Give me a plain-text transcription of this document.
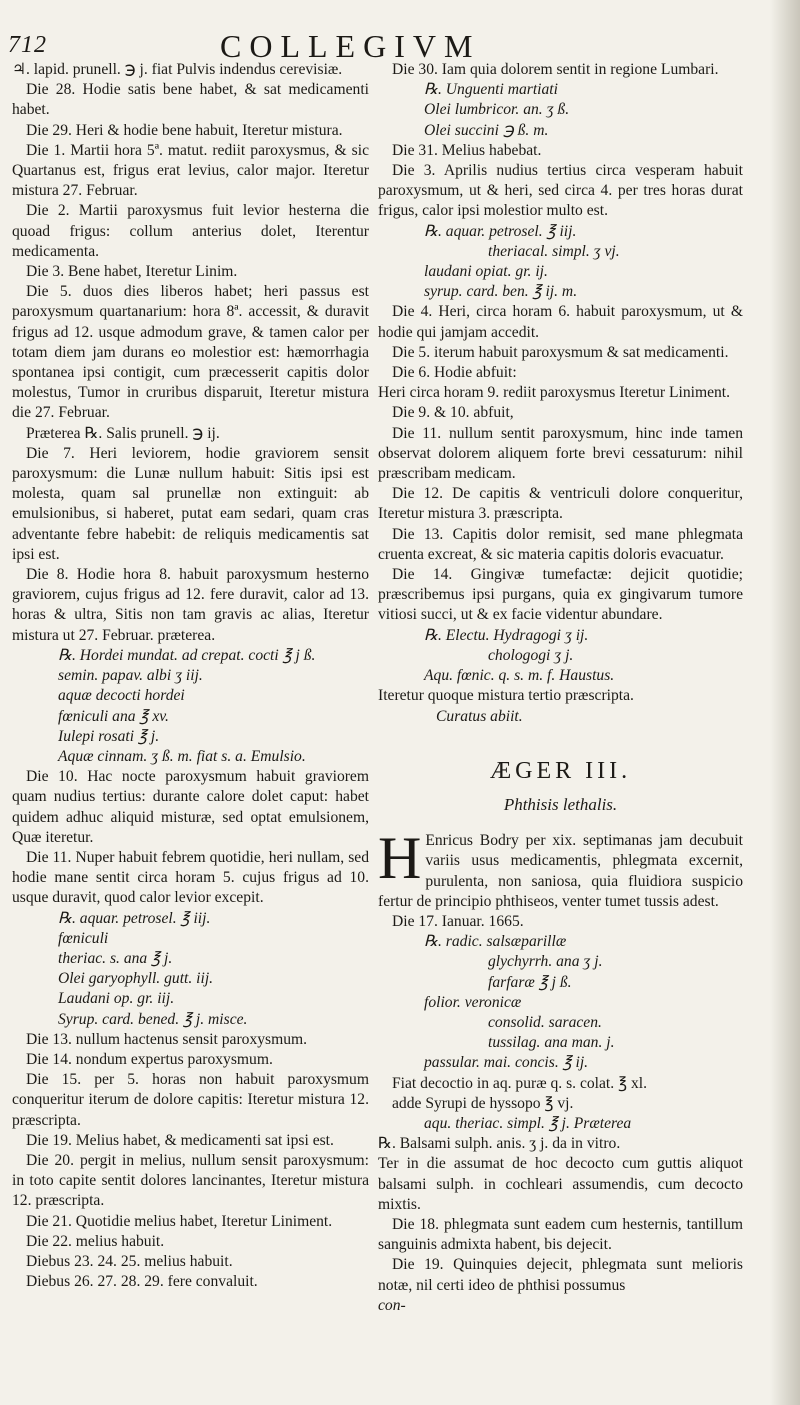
712	COLLEGIVM

♃. lapid. prunell. ℈ j. fiat Pulvis indendus cerevisiæ.

Die 28. Hodie satis bene habet, & sat medicamenti habet.

Die 29. Heri & hodie bene habuit, Iteretur mistura.

Die 1. Martii hora 5ª. matut. rediit paroxysmus, & sic Quartanus est, frigus erat levius, calor major. Iteretur mistura 27. Februar.

Die 2. Martii paroxysmus fuit levior hesterna die quoad frigus: collum anterius dolet, Iterentur medicamenta.

Die 3. Bene habet, Iteretur Linim.

Die 5. duos dies liberos habet; heri passus est paroxysmum quartanarium: hora 8ª. accessit, & duravit frigus ad 12. usque admodum grave, & tamen calor per totam diem jam durans eo molestior est: hæmorrhagia spontanea ipsi contigit, cum præcesserit capitis dolor molestus, Tumor in cruribus disparuit, Iteretur mistura die 27. Februar.

Præterea ℞. Salis prunell. ℈ ij.

Die 7. Heri leviorem, hodie graviorem sensit paroxysmum: die Lunæ nullum habuit: Sitis ipsi est molesta, quam sal prunellæ non extinguit: ab emulsionibus, si haberet, putat eam sedari, quam cras adventante febre habebit: de reliquis medicamentis sat ipsi est.

Die 8. Hodie hora 8. habuit paroxysmum hesterno graviorem, cujus frigus ad 12. fere duravit, calor ad 13. horas & ultra, Sitis non tam gravis ac alias, Iteretur mistura ut 27. Februar. præterea.

℞. Hordei mundat. ad crepat. cocti ℥ j ß.

semin. papav. albi ʒ iij.

aquæ decocti hordei

fœniculi ana ℥ xv.

Iulepi rosati ℥ j.

Aquæ cinnam. ʒ ß. m. fiat s. a. Emulsio.

Die 10. Hac nocte paroxysmum habuit graviorem quam nudius tertius: durante calore dolet caput: habet quidem adhuc aliquid misturæ, sed optat emulsionem, Quæ iteretur.

Die 11. Nuper habuit febrem quotidie, heri nullam, sed hodie mane sentit circa horam 5. cujus frigus ad 10. usque duravit, quod calor levior excepit.

℞. aquar. petrosel. ℥ iij.

fœniculi

theriac. s. ana ℥ j.

Olei garyophyll. gutt. iij.

Laudani op. gr. iij.

Syrup. card. bened. ℥ j. misce.

Die 13. nullum hactenus sensit paroxysmum.

Die 14. nondum expertus paroxysmum.

Die 15. per 5. horas non habuit paroxysmum conqueritur iterum de dolore capitis: Iteretur mistura 12. præscripta.

Die 19. Melius habet, & medicamenti sat ipsi est.

Die 20. pergit in melius, nullum sensit paroxysmum: in toto capite sentit dolores lancinantes, Iteretur mistura 12. præscripta.

Die 21. Quotidie melius habet, Iteretur Liniment.

Die 22. melius habuit.

Diebus 23. 24. 25. melius habuit.

Diebus 26. 27. 28. 29. fere convaluit.

Die 30. Iam quia dolorem sentit in regione Lumbari.

℞. Unguenti martiati

Olei lumbricor. an. ʒ ß.

Olei succini ℈ ß. m.

Die 31. Melius habebat.

Die 3. Aprilis nudius tertius circa vesperam habuit paroxysmum, ut & heri, sed circa 4. per tres horas durat frigus, calor ipsi molestior multo est.

℞. aquar. petrosel. ℥ iij.

theriacal. simpl. ʒ vj.

laudani opiat. gr. ij.

syrup. card. ben. ℥ ij. m.

Die 4. Heri, circa horam 6. habuit paroxysmum, ut & hodie qui jamjam accedit.

Die 5. iterum habuit paroxysmum & sat medicamenti.

Die 6. Hodie abfuit:

Heri circa horam 9. rediit paroxysmus Iteretur Liniment.

Die 9. & 10. abfuit,

Die 11. nullum sentit paroxysmum, hinc inde tamen observat dolorem aliquem forte brevi cessaturum: nihil præscribam medicam.

Die 12. De capitis & ventriculi dolore conqueritur, Iteretur mistura 3. præscripta.

Die 13. Capitis dolor remisit, sed mane phlegmata cruenta excreat, & sic materia capitis doloris evacuatur.

Die 14. Gingivæ tumefactæ: dejicit quotidie; præscribemus ipsi purgans, quia ex gingivarum tumore vitiosi succi, ut & ex facie videntur abundare.

℞. Electu. Hydragogi ʒ ij.

chologogi ʒ j.

Aqu. fœnic. q. s. m. f. Haustus.

Iteretur quoque mistura tertio præscripta.

Curatus abiit.

ÆGER III.
Phthisis lethalis.

H Enricus Bodry per xix. septimanas jam decubuit variis usus medicamentis, phlegmata excernit, purulenta, non saniosa, quia fluidiora suspicio fertur de principio phthiseos, venter tumet tussis adest.

Die 17. Ianuar. 1665.

℞. radic. salsæparillæ

glychyrrh. ana ʒ j.

farfaræ ℥ j ß.

folior. veronicæ

consolid. saracen.

tussilag. ana man. j.

passular. mai. concis. ℥ ij.

Fiat decoctio in aq. puræ q. s. colat. ℥ xl.

adde Syrupi de hyssopo ℥ vj.

aqu. theriac. simpl. ℥ j. Præterea

℞. Balsami sulph. anis. ʒ j. da in vitro.

Ter in die assumat de hoc decocto cum guttis aliquot balsami sulph. in cochleari assumendis, cum decocto mixtis.

Die 18. phlegmata sunt eadem cum hesternis, tantillum sanguinis admixta habent, bis dejecit.

Die 19. Quinquies dejecit, phlegmata sunt melioris notæ, nil certi ideo de phthisi possumus

con-
